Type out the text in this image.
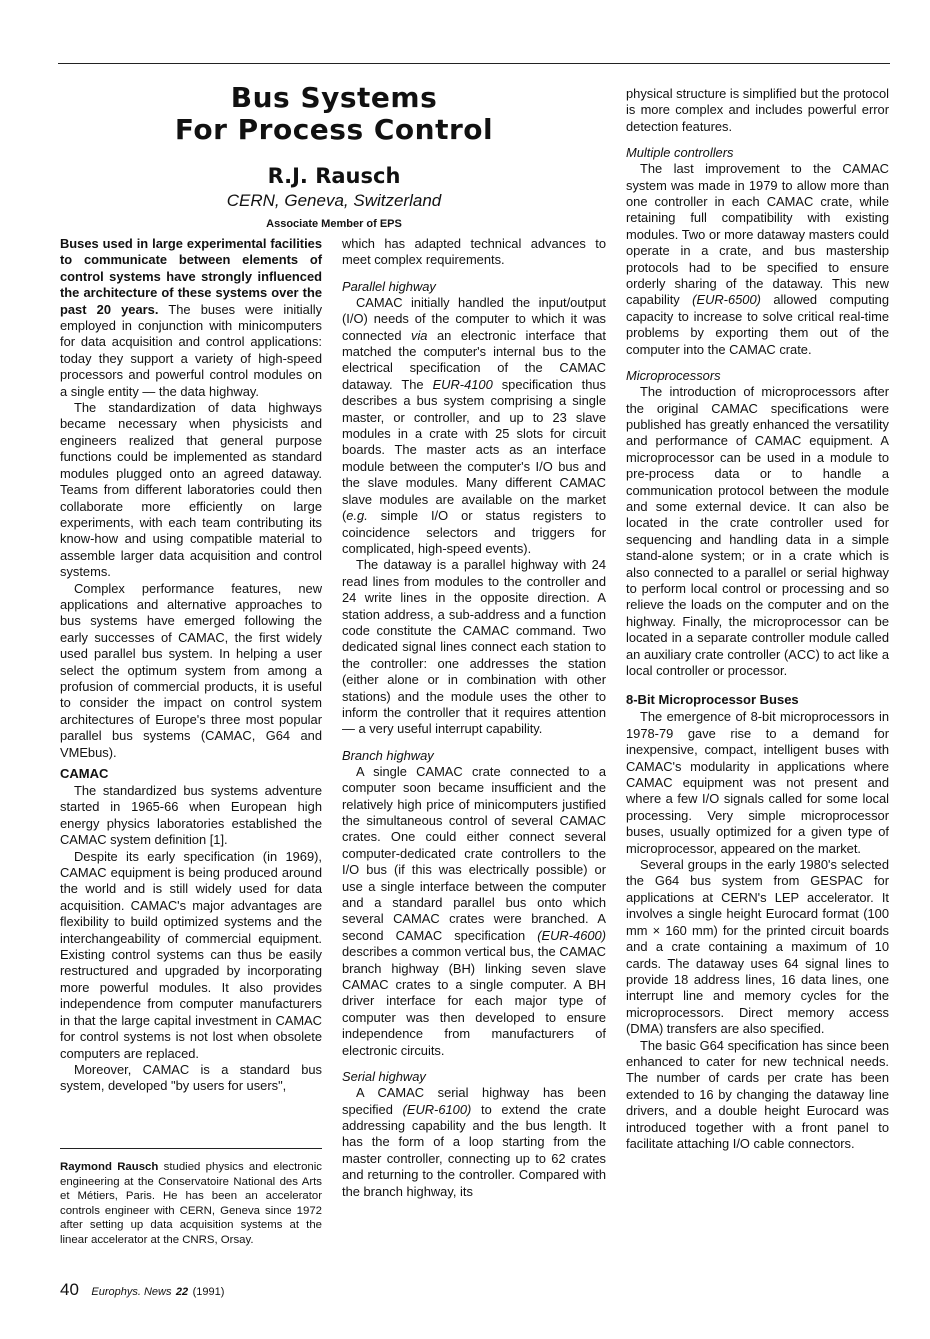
Bus Systems
For Process Control
R.J. Rausch
CERN, Geneva, Switzerland
Associate Member of EPS

Buses used in large experimental facilities to communicate between elements of control systems have strongly influenced the architecture of these systems over the past 20 years. The buses were initially employed in conjunction with minicomputers for data acquisition and control applications: today they support a variety of high-speed processors and powerful control modules on a single entity — the data highway.

The standardization of data highways became necessary when physicists and engineers realized that general purpose functions could be implemented as standard modules plugged onto an agreed dataway. Teams from different laboratories could then collaborate more efficiently on large experiments, with each team contributing its know-how and using compatible material to assemble larger data acquisition and control systems.

Complex performance features, new applications and alternative approaches to bus systems have emerged following the early successes of CAMAC, the first widely used parallel bus system. In helping a user select the optimum system from among a profusion of commercial products, it is useful to consider the impact on control system architectures of Europe's three most popular parallel bus systems (CAMAC, G64 and VMEbus).

CAMAC

The standardized bus systems adventure started in 1965-66 when European high energy physics laboratories established the CAMAC system definition [1].

Despite its early specification (in 1969), CAMAC equipment is being produced around the world and is still widely used for data acquisition. CAMAC's major advantages are flexibility to build optimized systems and the interchangeability of commercial equipment. Existing control systems can thus be easily restructured and upgraded by incorporating more powerful modules. It also provides independence from computer manufacturers in that the large capital investment in CAMAC for control systems is not lost when obsolete computers are replaced.

Moreover, CAMAC is a standard bus system, developed "by users for users",

Raymond Rausch studied physics and electronic engineering at the Conservatoire National des Arts et Métiers, Paris. He has been an accelerator controls engineer with CERN, Geneva since 1972 after setting up data acquisition systems at the linear accelerator at the CNRS, Orsay.

which has adapted technical advances to meet complex requirements.

Parallel highway

CAMAC initially handled the input/output (I/O) needs of the computer to which it was connected via an electronic interface that matched the computer's internal bus to the electrical specification of the CAMAC dataway. The EUR-4100 specification thus describes a bus system comprising a single master, or controller, and up to 23 slave modules in a crate with 25 slots for circuit boards. The master acts as an interface module between the computer's I/O bus and the slave modules. Many different CAMAC slave modules are available on the market (e.g. simple I/O or status registers to coincidence selectors and triggers for complicated, high-speed events).

The dataway is a parallel highway with 24 read lines from modules to the controller and 24 write lines in the opposite direction. A station address, a sub-address and a function code constitute the CAMAC command. Two dedicated signal lines connect each station to the controller: one addresses the station (either alone or in combination with other stations) and the module uses the other to inform the controller that it requires attention — a very useful interrupt capability.

Branch highway

A single CAMAC crate connected to a computer soon became insufficient and the relatively high price of minicomputers justified the simultaneous control of several CAMAC crates. One could either connect several computer-dedicated crate controllers to the I/O bus (if this was electrically possible) or use a single interface between the computer and a standard parallel bus onto which several CAMAC crates were branched. A second CAMAC specification (EUR-4600) describes a common vertical bus, the CAMAC branch highway (BH) linking seven slave CAMAC crates to a single computer. A BH driver interface for each major type of computer was then developed to ensure independence from manufacturers of electronic circuits.

Serial highway

A CAMAC serial highway has been specified (EUR-6100) to extend the crate addressing capability and the bus length. It has the form of a loop starting from the master controller, connecting up to 62 crates and returning to the controller. Compared with the branch highway, its

physical structure is simplified but the protocol is more complex and includes powerful error detection features.

Multiple controllers

The last improvement to the CAMAC system was made in 1979 to allow more than one controller in each CAMAC crate, while retaining full compatibility with existing modules. Two or more dataway masters could operate in a crate, and bus mastership protocols had to be specified to ensure orderly sharing of the dataway. This new capability (EUR-6500) allowed computing capacity to increase to solve critical real-time problems by exporting them out of the computer into the CAMAC crate.

Microprocessors

The introduction of microprocessors after the original CAMAC specifications were published has greatly enhanced the versatility and performance of CAMAC equipment. A microprocessor can be used in a module to pre-process data or to handle a communication protocol between the module and some external device. It can also be located in the crate controller used for sequencing and handling data in a simple stand-alone system; or in a crate which is also connected to a parallel or serial highway to perform local control or processing and so relieve the loads on the computer and on the highway. Finally, the microprocessor can be located in a separate controller module called an auxiliary crate controller (ACC) to act like a local controller or processor.

8-Bit Microprocessor Buses

The emergence of 8-bit microprocessors in 1978-79 gave rise to a demand for inexpensive, compact, intelligent buses with CAMAC's modularity in applications where CAMAC equipment was not present and where a few I/O signals called for some local processing. Very simple microprocessor buses, usually optimized for a given type of microprocessor, appeared on the market.

Several groups in the early 1980's selected the G64 bus system from GESPAC for applications at CERN's LEP accelerator. It involves a single height Eurocard format (100 mm × 160 mm) for the printed circuit boards and a crate containing a maximum of 10 cards. The dataway uses 64 signal lines to provide 18 address lines, 16 data lines, one interrupt line and memory cycles for the microprocessors. Direct memory access (DMA) transfers are also specified.

The basic G64 specification has since been enhanced to cater for new technical needs. The number of cards per crate has been extended to 16 by changing the dataway line drivers, and a double height Eurocard was introduced together with a front panel to facilitate attaching I/O cable connectors.

40 Europhys. News 22 (1991)
